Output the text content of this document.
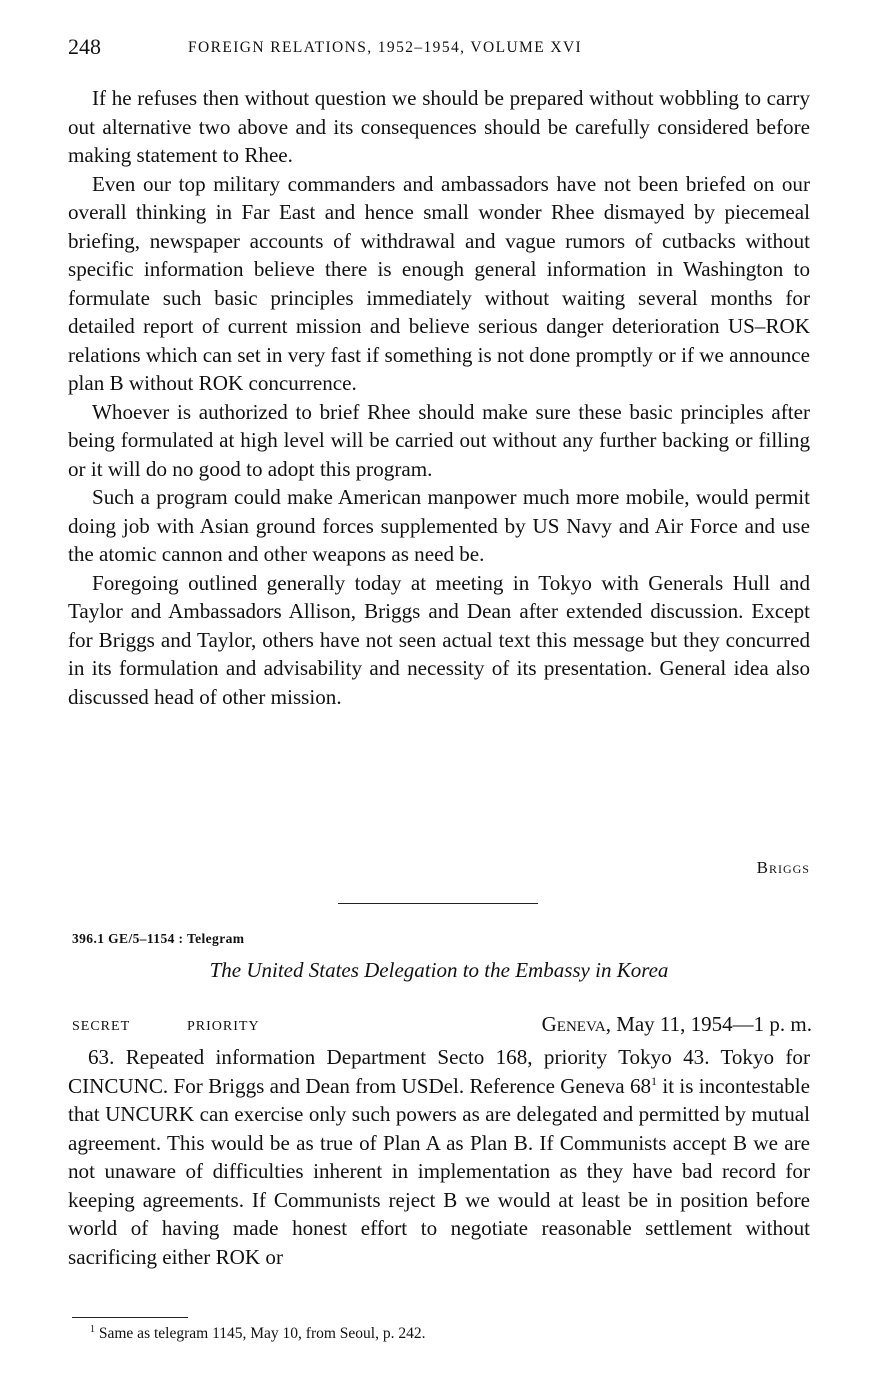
248	FOREIGN RELATIONS, 1952–1954, VOLUME XVI

If he refuses then without question we should be prepared without wobbling to carry out alternative two above and its consequences should be carefully considered before making statement to Rhee.

Even our top military commanders and ambassadors have not been briefed on our overall thinking in Far East and hence small wonder Rhee dismayed by piecemeal briefing, newspaper accounts of withdrawal and vague rumors of cutbacks without specific information believe there is enough general information in Washington to formulate such basic principles immediately without waiting several months for detailed report of current mission and believe serious danger deterioration US–ROK relations which can set in very fast if something is not done promptly or if we announce plan B without ROK concurrence.

Whoever is authorized to brief Rhee should make sure these basic principles after being formulated at high level will be carried out without any further backing or filling or it will do no good to adopt this program.

Such a program could make American manpower much more mobile, would permit doing job with Asian ground forces supplemented by US Navy and Air Force and use the atomic cannon and other weapons as need be.

Foregoing outlined generally today at meeting in Tokyo with Generals Hull and Taylor and Ambassadors Allison, Briggs and Dean after extended discussion. Except for Briggs and Taylor, others have not seen actual text this message but they concurred in its formulation and advisability and necessity of its presentation. General idea also discussed head of other mission.

Briggs
396.1 GE/5–1154 : Telegram
The United States Delegation to the Embassy in Korea
SECRET	PRIORITY	Geneva, May 11, 1954—1 p. m.

63. Repeated information Department Secto 168, priority Tokyo 43. Tokyo for CINCUNC. For Briggs and Dean from USDel. Reference Geneva $68^1$ it is incontestable that UNCURK can exercise only such powers as are delegated and permitted by mutual agreement. This would be as true of Plan A as Plan B. If Communists accept B we are not unaware of difficulties inherent in implementation as they have bad record for keeping agreements. If Communists reject B we would at least be in position before world of having made honest effort to negotiate reasonable settlement without sacrificing either ROK or

$^1$ Same as telegram 1145, May 10, from Seoul, p. 242.
